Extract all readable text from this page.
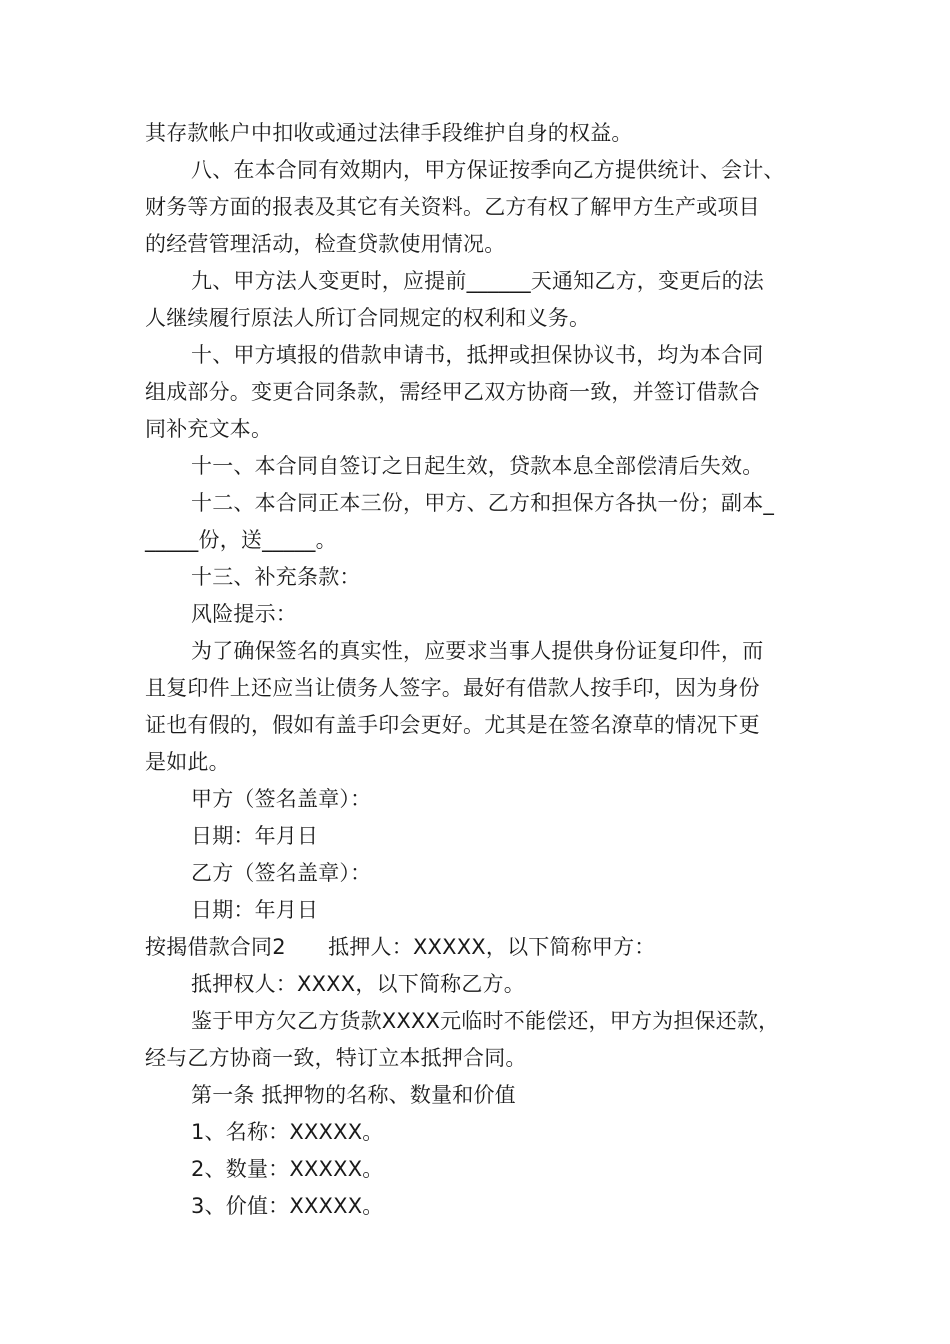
其存款帐户中扣收或通过法律手段维护自身的权益。
八、在本合同有效期内，甲方保证按季向乙方提供统计、会计、
财务等方面的报表及其它有关资料。乙方有权了解甲方生产或项目
的经营管理活动，检查贷款使用情况。
九、甲方法人变更时，应提前______天通知乙方，变更后的法
人继续履行原法人所订合同规定的权利和义务。
十、甲方填报的借款申请书，抵押或担保协议书，均为本合同
组成部分。变更合同条款，需经甲乙双方协商一致，并签订借款合
同补充文本。
十一、本合同自签订之日起生效，贷款本息全部偿清后失效。
十二、本合同正本三份，甲方、乙方和担保方各执一份；副本_
_____份，送_____。
十三、补充条款：
风险提示：
为了确保签名的真实性，应要求当事人提供身份证复印件，而
且复印件上还应当让债务人签字。最好有借款人按手印，因为身份
证也有假的，假如有盖手印会更好。尤其是在签名潦草的情况下更
是如此。
甲方（签名盖章）：
日期：年月日
乙方（签名盖章）：
日期：年月日
按揭借款合同2　　抵押人：XXXXX，以下简称甲方：
抵押权人：XXXX，以下简称乙方。
鉴于甲方欠乙方货款XXXX元临时不能偿还，甲方为担保还款，
经与乙方协商一致，特订立本抵押合同。
第一条 抵押物的名称、数量和价值
1、名称：XXXXX。
2、数量：XXXXX。
3、价值：XXXXX。
